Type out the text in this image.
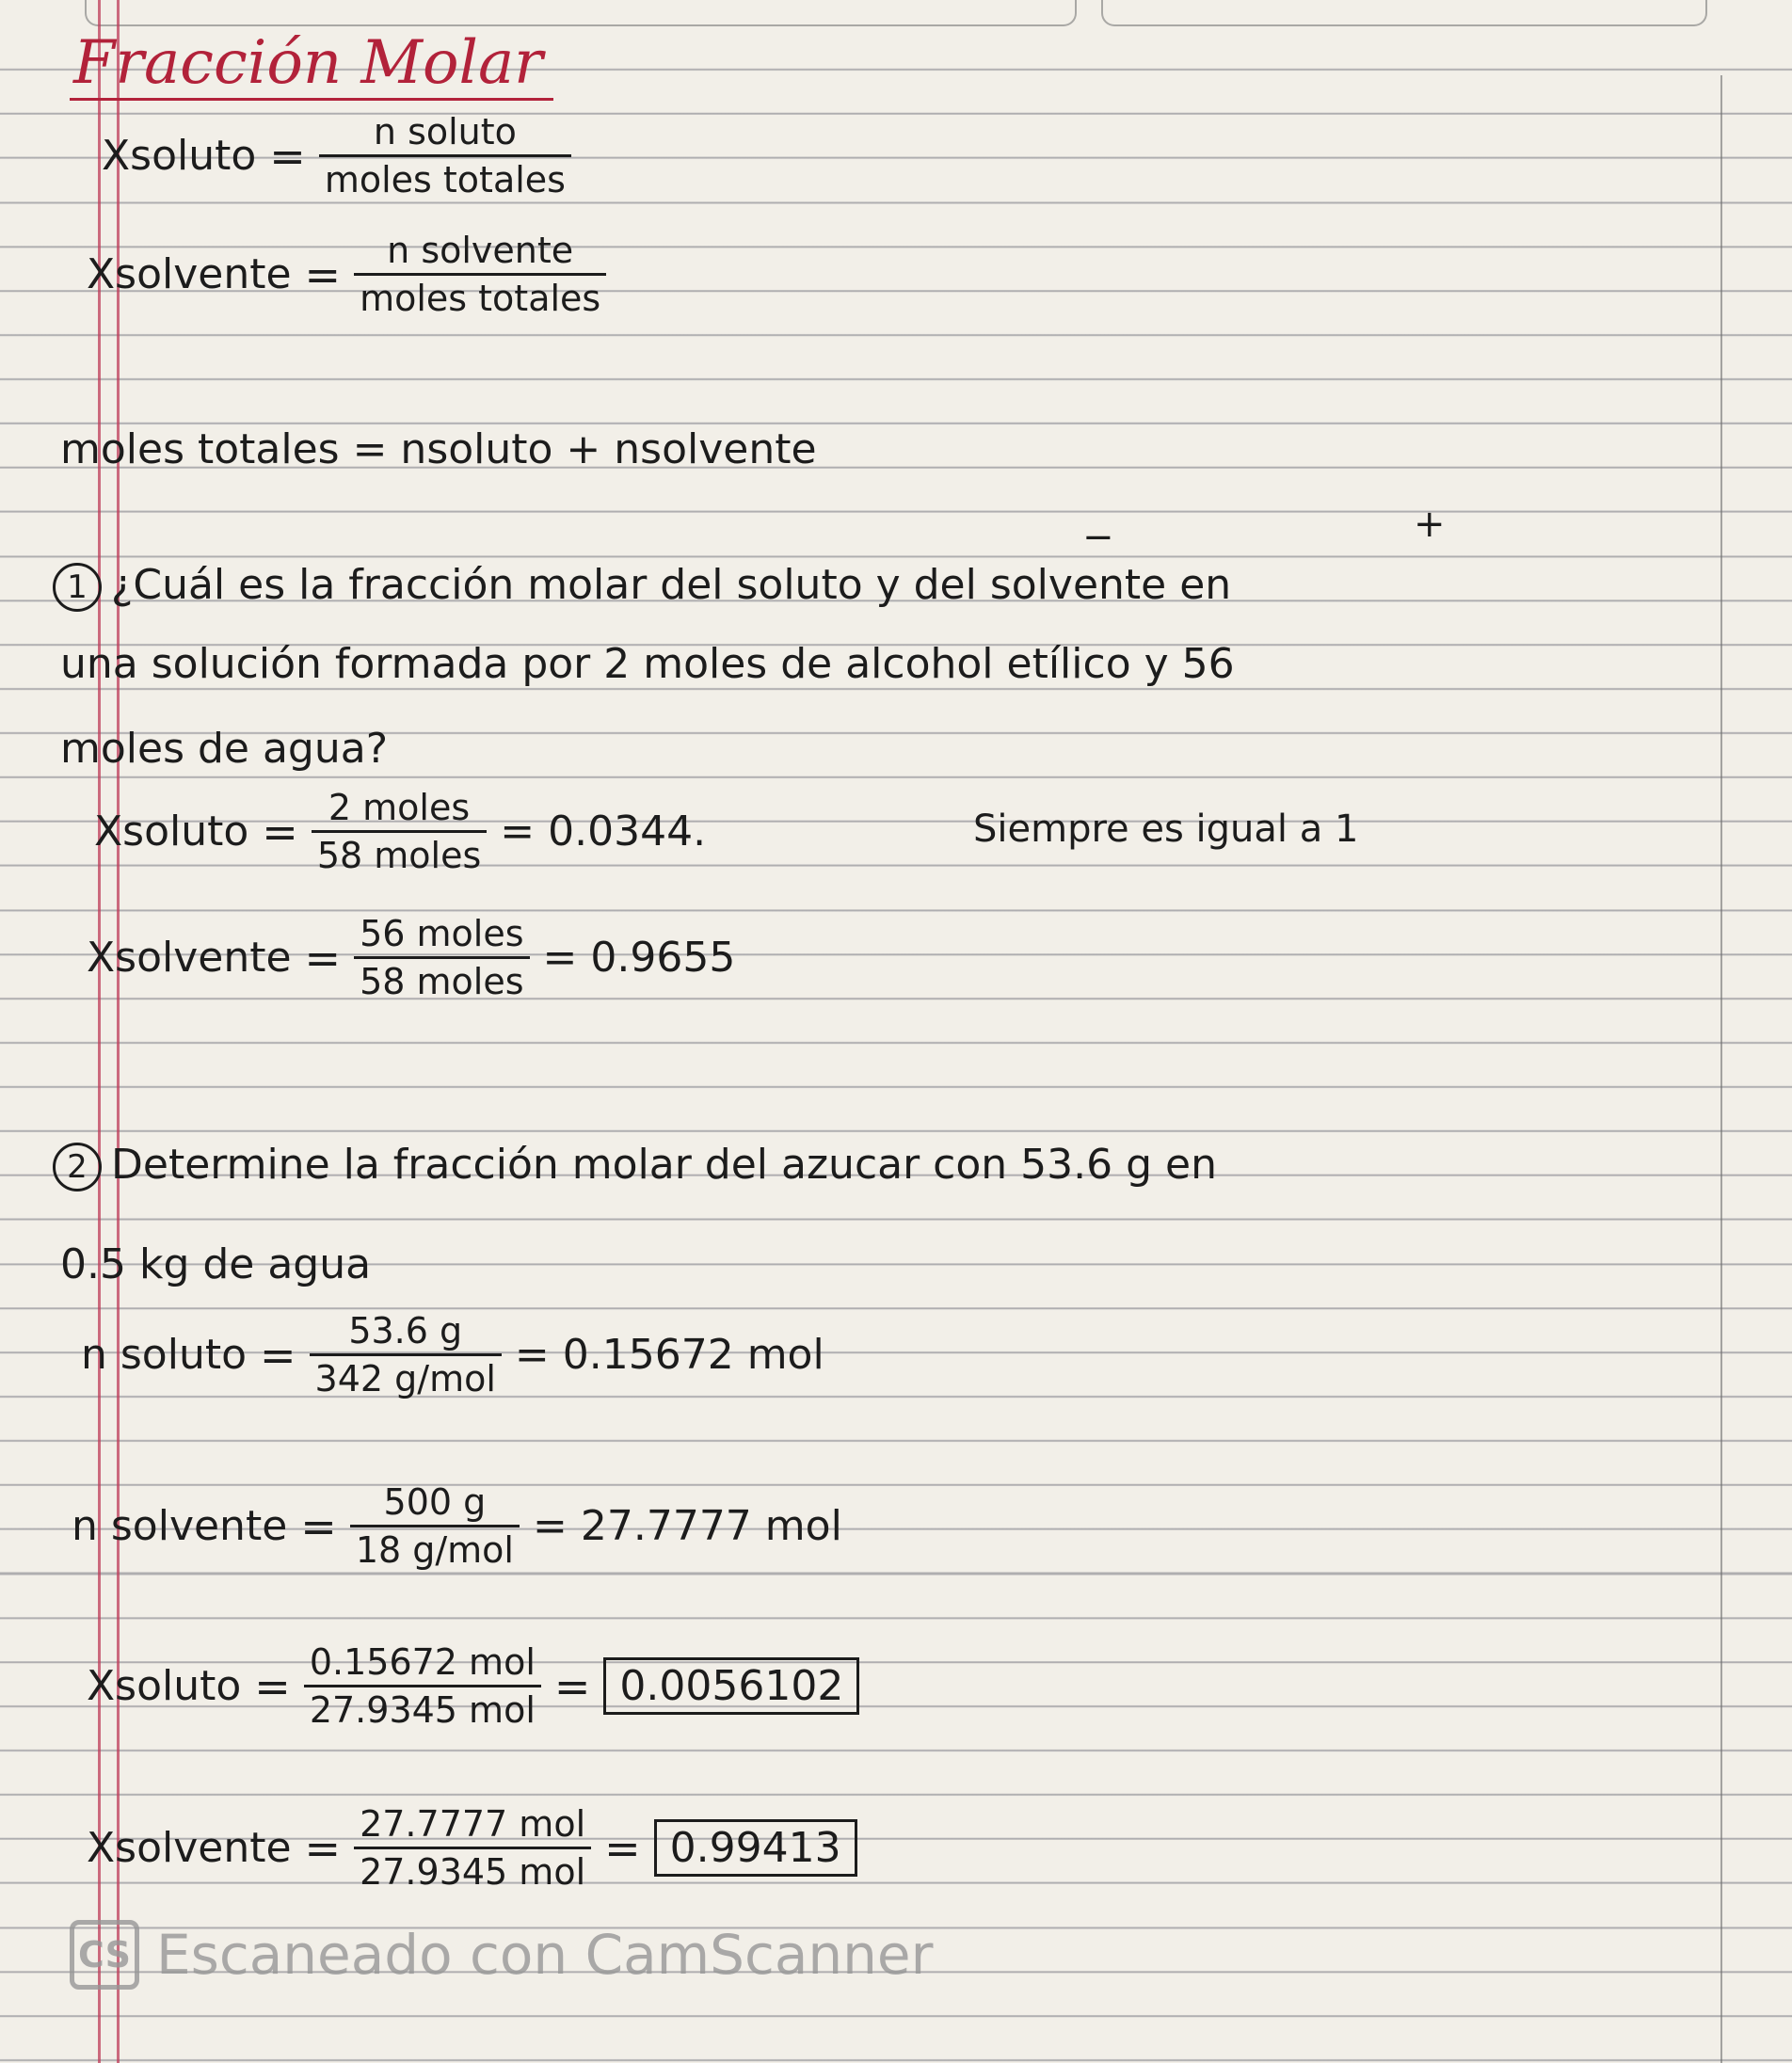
Fracción Molar
Xsoluto = $\frac{\text{n soluto}}{\text{moles totales}}$
Xsolvente = $\frac{\text{n solvente}}{\text{moles totales}}$
moles totales = nsoluto + nsolvente
−	+
1 ¿Cuál es la fracción molar del soluto y del solvente en
una solución formada por 2 moles de alcohol etílico y 56
moles de agua?
Xsoluto = $\frac{\text{2 moles}}{\text{58 moles}} = 0.0344$.	Siempre es igual a 1
Xsolvente = $\frac{\text{56 moles}}{\text{58 moles}} = 0.9655$
2 Determine la fracción molar del azucar con 53.6 g en
0.5 kg de agua
n soluto = $\frac{53.6 g}{\text{342 g/mol}} = 0.15672$ mol
n solvente = $\frac{500 g}{\text{18 g/mol}} = 27.7777$ mol
Xsoluto = $\frac{\text{0.15672 mol}}{\text{27.9345 mol}} = 0.0056102$
Xsolvente = $\frac{\text{27.7777 mol}}{\text{27.9345 mol}} = 0.99413$
CS Escaneado con CamScanner
